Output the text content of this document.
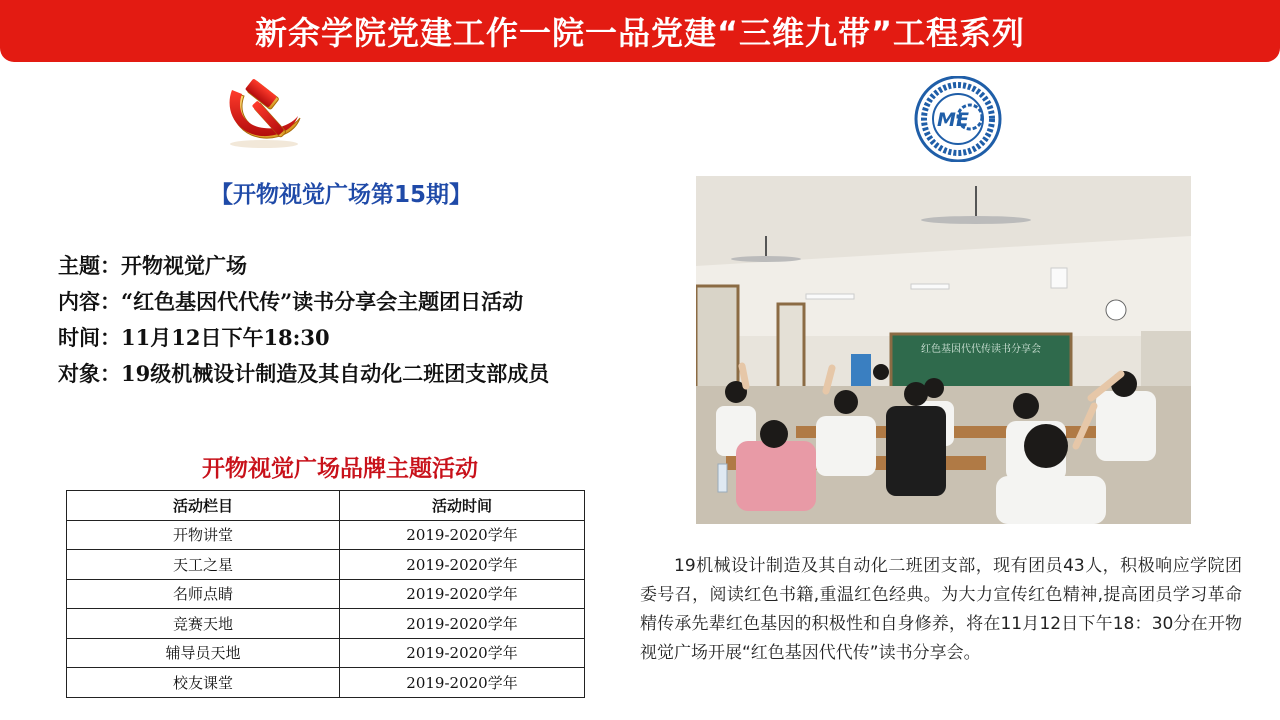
新余学院党建工作一院一品党建“三维九带”工程系列
【开物视觉广场第15期】
主题：开物视觉广场
内容：“红色基因代代传”读书分享会主题团日活动
时间：11月12日下午18:30
对象：19级机械设计制造及其自动化二班团支部成员
开物视觉广场品牌主题活动
活动栏目	活动时间
开物讲堂	2019-2020学年
天工之星	2019-2020学年
名师点睛	2019-2020学年
竞赛天地	2019-2020学年
辅导员天地	2019-2020学年
校友课堂	2019-2020学年
ME
红色基因代代传读书分享会

19机械设计制造及其自动化二班团支部，现有团员43人，积极响应学院团委号召，阅读红色书籍,重温红色经典。为大力宣传红色精神,提高团员学习革命精传承先辈红色基因的积极性和自身修养，将在11月12日下午18：30分在开物视觉广场开展“红色基因代代传”读书分享会。
